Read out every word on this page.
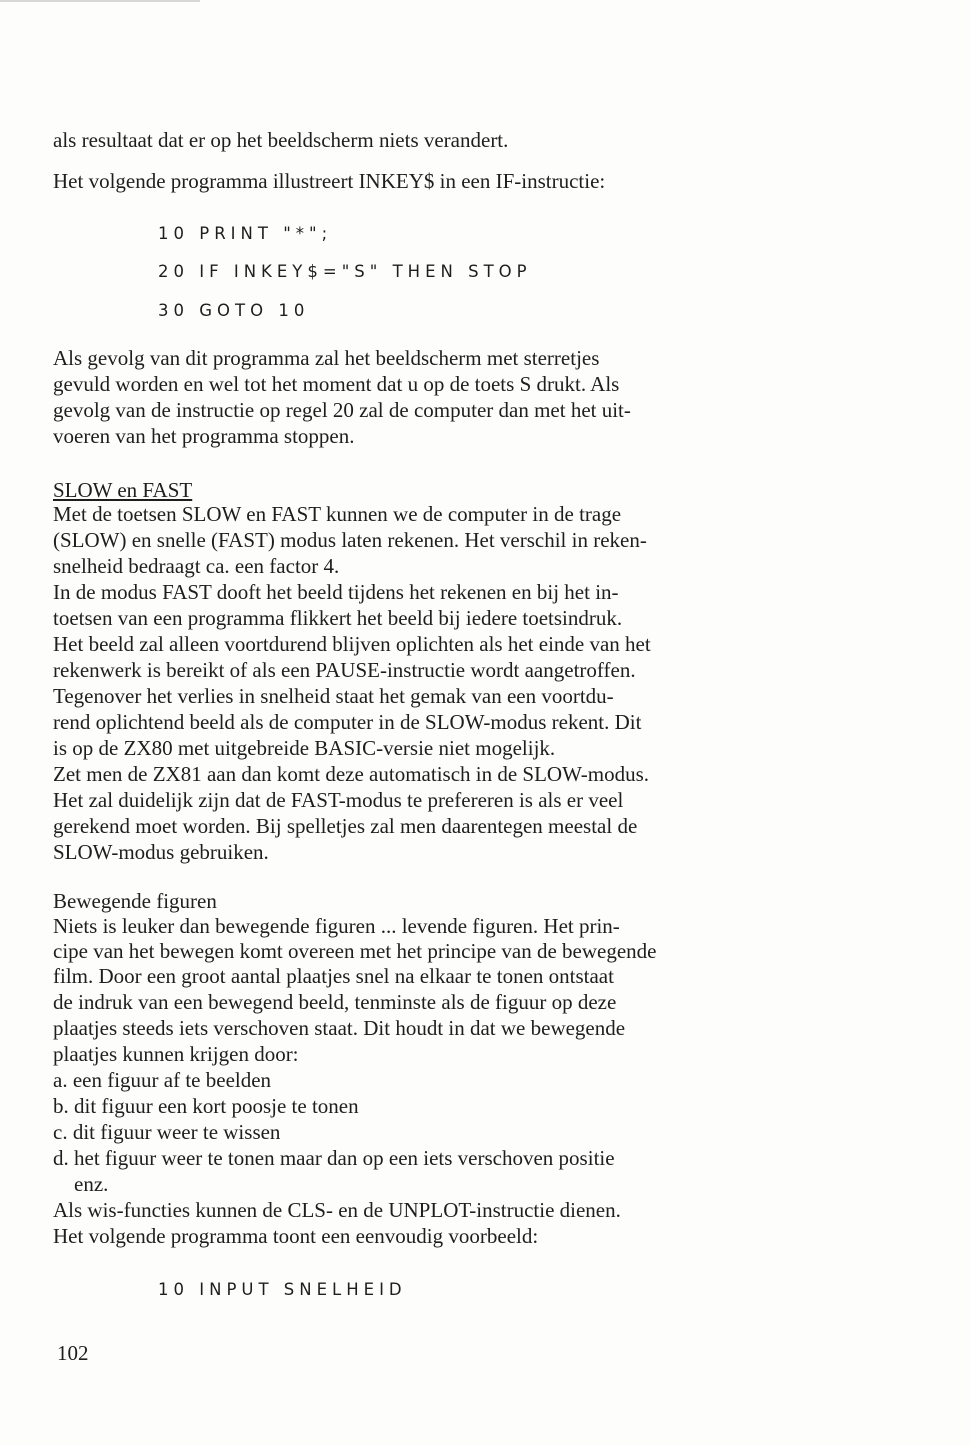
als resultaat dat er op het beeldscherm niets verandert.

Het volgende programma illustreert INKEY$ in een IF-instructie:

10 PRINT "*";
20 IF INKEY$="S" THEN STOP
30 GOTO 10

Als gevolg van dit programma zal het beeldscherm met sterretjes

gevuld worden en wel tot het moment dat u op de toets S drukt. Als

gevolg van de instructie op regel 20 zal de computer dan met het uit-

voeren van het programma stoppen.

SLOW en FAST

Met de toetsen SLOW en FAST kunnen we de computer in de trage

(SLOW) en snelle (FAST) modus laten rekenen. Het verschil in reken-

snelheid bedraagt ca. een factor 4.

In de modus FAST dooft het beeld tijdens het rekenen en bij het in-

toetsen van een programma flikkert het beeld bij iedere toetsindruk.

Het beeld zal alleen voortdurend blijven oplichten als het einde van het

rekenwerk is bereikt of als een PAUSE-instructie wordt aangetroffen.

Tegenover het verlies in snelheid staat het gemak van een voortdu-

rend oplichtend beeld als de computer in de SLOW-modus rekent. Dit

is op de ZX80 met uitgebreide BASIC-versie niet mogelijk.

Zet men de ZX81 aan dan komt deze automatisch in de SLOW-modus.

Het zal duidelijk zijn dat de FAST-modus te prefereren is als er veel

gerekend moet worden. Bij spelletjes zal men daarentegen meestal de

SLOW-modus gebruiken.

Bewegende figuren

Niets is leuker dan bewegende figuren ... levende figuren. Het prin-

cipe van het bewegen komt overeen met het principe van de bewegende

film. Door een groot aantal plaatjes snel na elkaar te tonen ontstaat

de indruk van een bewegend beeld, tenminste als de figuur op deze

plaatjes steeds iets verschoven staat. Dit houdt in dat we bewegende

plaatjes kunnen krijgen door:

a. een figuur af te beelden

b. dit figuur een kort poosje te tonen

c. dit figuur weer te wissen

d. het figuur weer te tonen maar dan op een iets verschoven positie

enz.

Als wis-functies kunnen de CLS- en de UNPLOT-instructie dienen.

Het volgende programma toont een eenvoudig voorbeeld:

10 INPUT SNELHEID
102
